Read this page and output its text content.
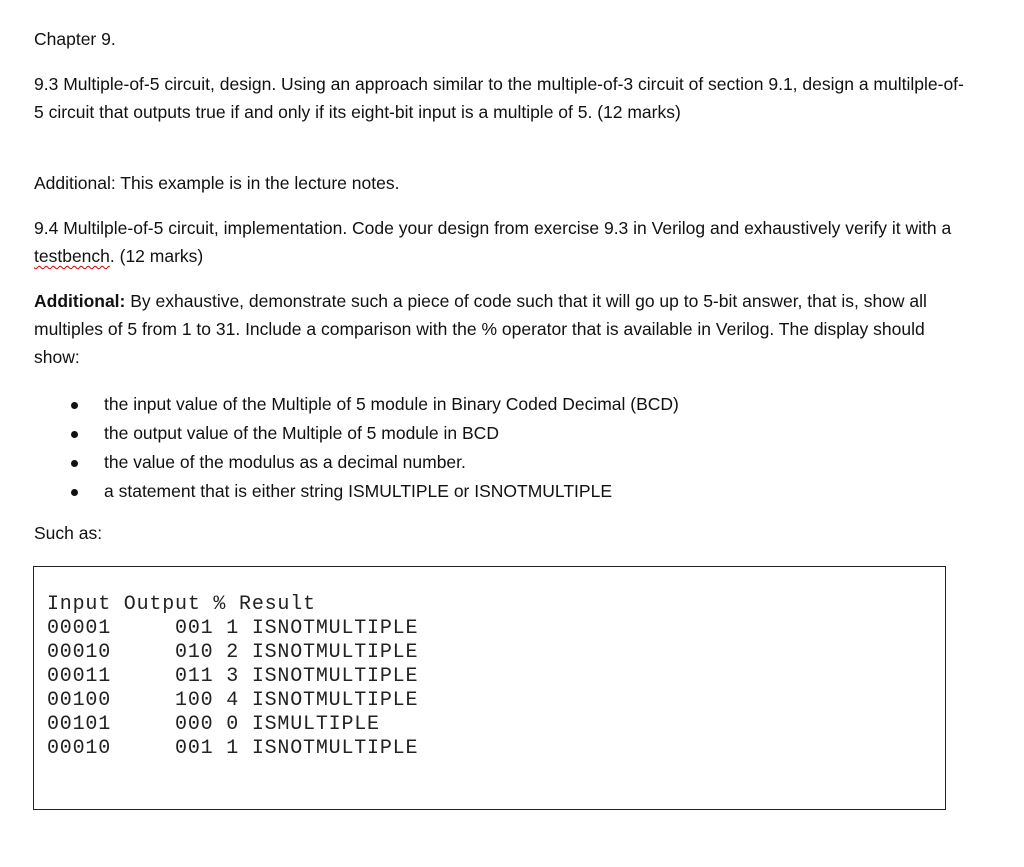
Chapter 9.

9.3 Multiple-of-5 circuit, design. Using an approach similar to the multiple-of-3 circuit of section 9.1, design a multilple-of-5 circuit that outputs true if and only if its eight-bit input is a multiple of 5. (12 marks)

Additional: This example is in the lecture notes.

9.4 Multilple-of-5 circuit, implementation. Code your design from exercise 9.3 in Verilog and exhaustively verify it with a testbench. (12 marks)

Additional: By exhaustive, demonstrate such a piece of code such that it will go up to 5-bit answer, that is, show all multiples of 5 from 1 to 31. Include a comparison with the % operator that is available in Verilog. The display should show:

the input value of the Multiple of 5 module in Binary Coded Decimal (BCD)
the output value of the Multiple of 5 module in BCD
the value of the modulus as a decimal number.
a statement that is either string ISMULTIPLE or ISNOTMULTIPLE

Such as:

Input Output % Result
00001     001 1 ISNOTMULTIPLE
00010     010 2 ISNOTMULTIPLE
00011     011 3 ISNOTMULTIPLE
00100     100 4 ISNOTMULTIPLE
00101     000 0 ISMULTIPLE
00010     001 1 ISNOTMULTIPLE
